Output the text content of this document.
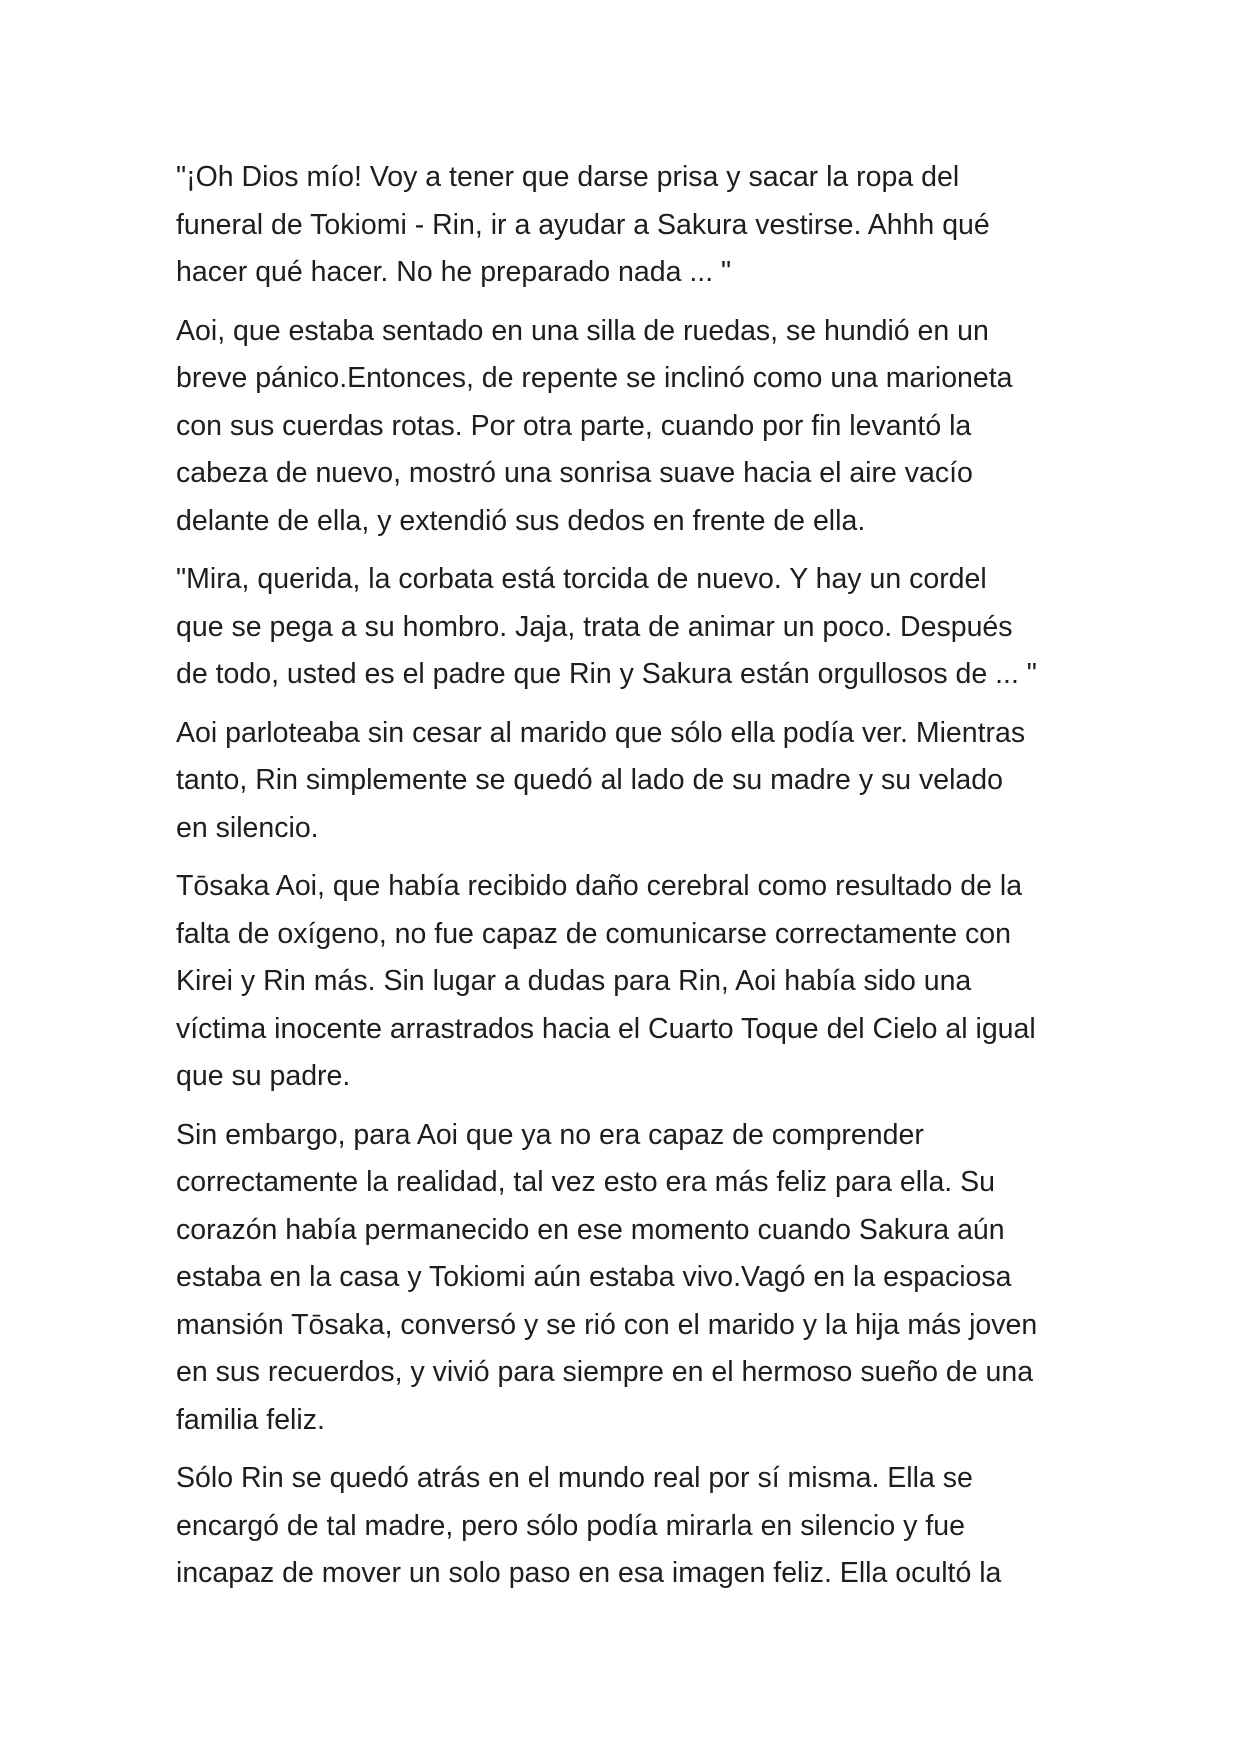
"¡Oh Dios mío! Voy a tener que darse prisa y sacar la ropa del
funeral de Tokiomi - Rin, ir a ayudar a Sakura vestirse. Ahhh qué
hacer qué hacer. No he preparado nada ... "

Aoi, que estaba sentado en una silla de ruedas, se hundió en un
breve pánico.Entonces, de repente se inclinó como una marioneta
con sus cuerdas rotas. Por otra parte, cuando por fin levantó la
cabeza de nuevo, mostró una sonrisa suave hacia el aire vacío
delante de ella, y extendió sus dedos en frente de ella.

"Mira, querida, la corbata está torcida de nuevo. Y hay un cordel
que se pega a su hombro. Jaja, trata de animar un poco. Después
de todo, usted es el padre que Rin y Sakura están orgullosos de ... "

Aoi parloteaba sin cesar al marido que sólo ella podía ver. Mientras
tanto, Rin simplemente se quedó al lado de su madre y su velado
en silencio.

Tōsaka Aoi, que había recibido daño cerebral como resultado de la
falta de oxígeno, no fue capaz de comunicarse correctamente con
Kirei y Rin más. Sin lugar a dudas para Rin, Aoi había sido una
víctima inocente arrastrados hacia el Cuarto Toque del Cielo al igual
que su padre.

Sin embargo, para Aoi que ya no era capaz de comprender
correctamente la realidad, tal vez esto era más feliz para ella. Su
corazón había permanecido en ese momento cuando Sakura aún
estaba en la casa y Tokiomi aún estaba vivo.Vagó en la espaciosa
mansión Tōsaka, conversó y se rió con el marido y la hija más joven
en sus recuerdos, y vivió para siempre en el hermoso sueño de una
familia feliz.

Sólo Rin se quedó atrás en el mundo real por sí misma. Ella se
encargó de tal madre, pero sólo podía mirarla en silencio y fue
incapaz de mover un solo paso en esa imagen feliz. Ella ocultó la
